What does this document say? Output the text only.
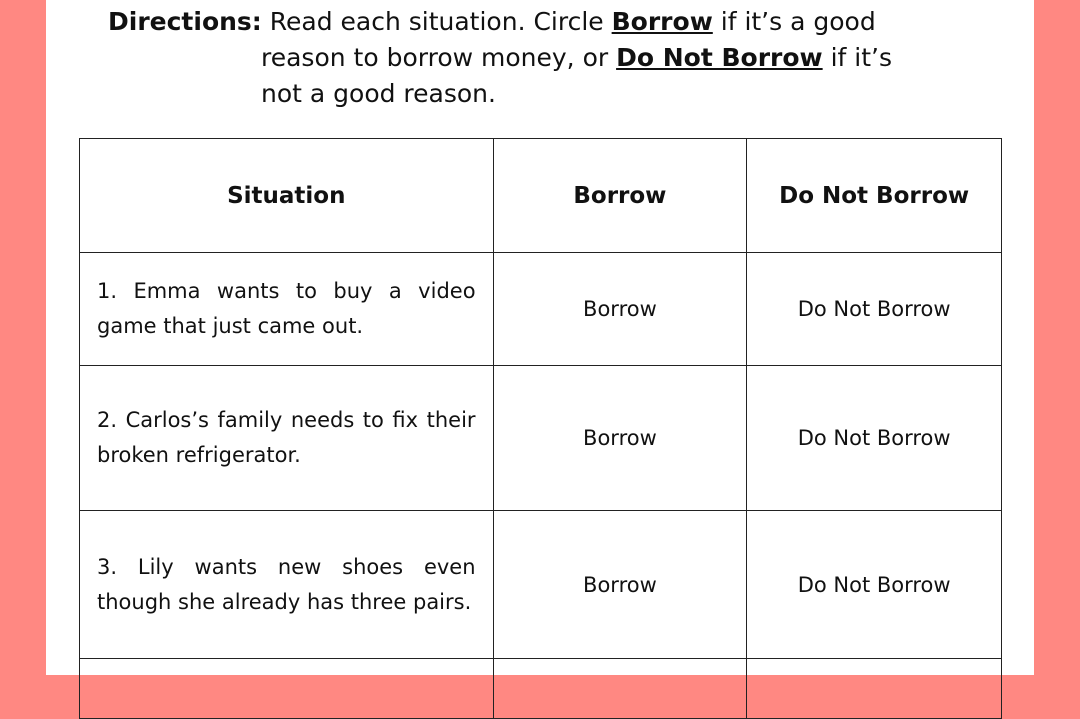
Directions: Read each situation. Circle Borrow if it’s a good
reason to borrow money, or Do Not Borrow if it’s
not a good reason.
Situation	Borrow	Do Not Borrow
1. Emma wants to buy a video game that just came out.	Borrow	Do Not Borrow
2. Carlos’s family needs to fix their broken refrigerator.	Borrow	Do Not Borrow
3. Lily wants new shoes even though she already has three pairs.	Borrow	Do Not Borrow
